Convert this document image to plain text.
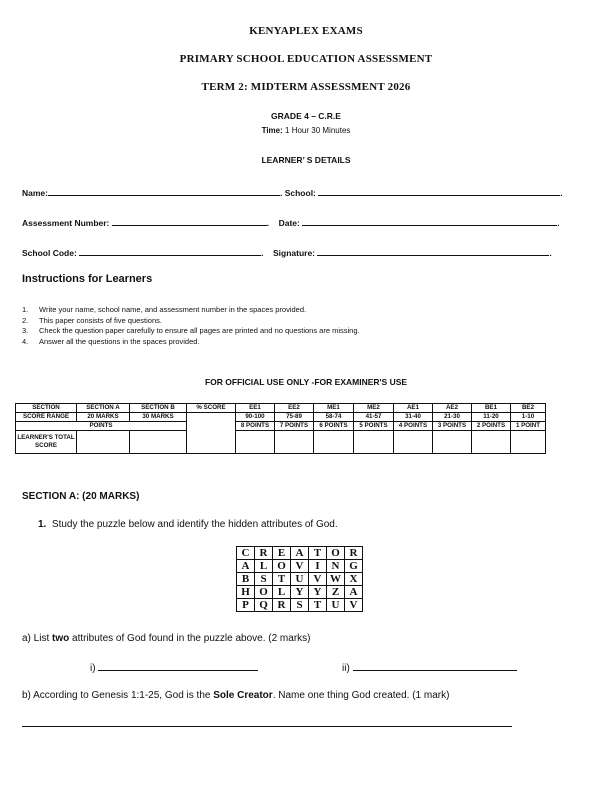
KENYAPLEX EXAMS
PRIMARY SCHOOL EDUCATION ASSESSMENT
TERM 2: MIDTERM ASSESSMENT 2026
GRADE 4 – C.R.E
Time: 1 Hour 30 Minutes
LEARNER’ S DETAILS
Name:	. School:	.
Assessment Number:	.    Date:	.
School Code:	.    Signature:	.
Instructions for Learners
1. Write your name, school name, and assessment number in the spaces provided.
2. This paper consists of five questions.
3. Check the question paper carefully to ensure all pages are printed and no questions are missing.
4. Answer all the questions in the spaces provided.
FOR OFFICIAL USE ONLY -FOR EXAMINER'S USE
SECTION	SECTION A	SECTION B	% SCORE	EE1	EE2	ME1	ME2	AE1	AE2	BE1	BE2
SCORE RANGE	20 MARKS	30 MARKS		90-100	75-89	58-74	41-57	31-40	21-30	11-20	1-10
POINTS				8 POINTS	7 POINTS	6 POINTS	5 POINTS	4 POINTS	3 POINTS	2 POINTS	1 POINT
LEARNER'S TOTAL SCORE											
SECTION A: (20 MARKS)
1. Study the puzzle below and identify the hidden attributes of God.
C	R	E	A	T	O	R
A	L	O	V	I	N	G
B	S	T	U	V	W	X
H	O	L	Y	Y	Z	A
P	Q	R	S	T	U	V
a) List two attributes of God found in the puzzle above. (2 marks)
i)	ii)
b) According to Genesis 1:1-25, God is the Sole Creator. Name one thing God created. (1 mark)
